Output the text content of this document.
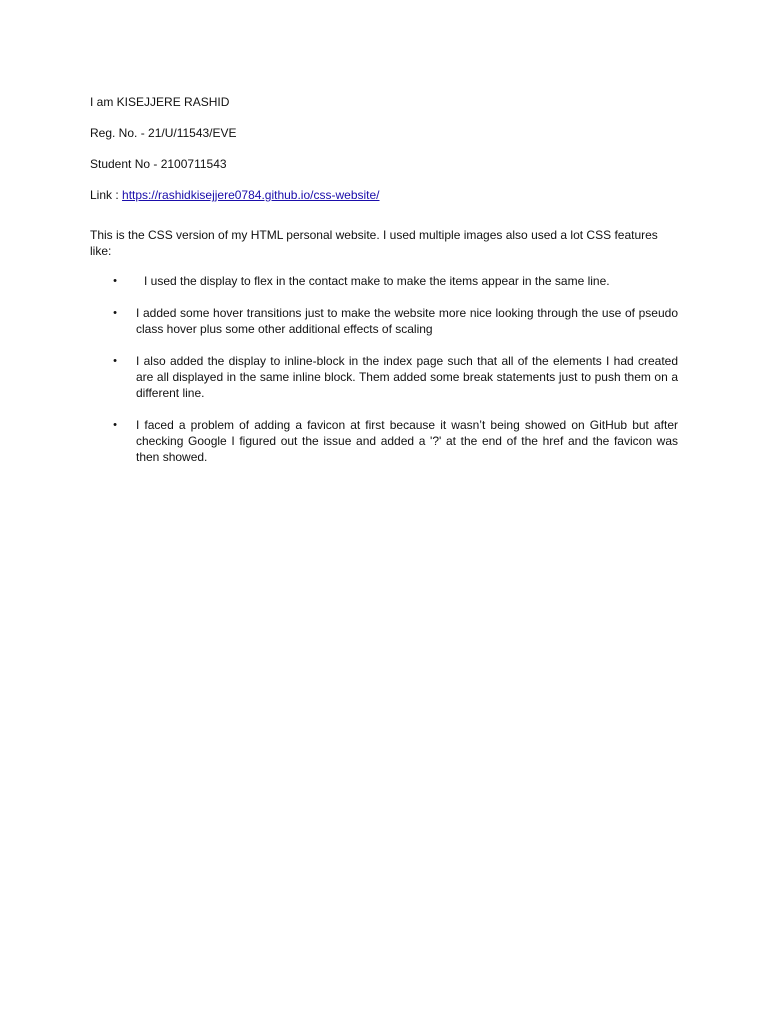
I am KISEJJERE RASHID
Reg. No. - 21/U/11543/EVE
Student No - 2100711543
Link : https://rashidkisejjere0784.github.io/css-website/
This is the CSS version of my HTML personal website. I used multiple images also used a lot CSS features like:
• I used the display to flex in the contact make to make the items appear in the same line.
• I added some hover transitions just to make the website more nice looking through the use of pseudo class hover plus some other additional effects of scaling
• I also added the display to inline-block in the index page such that all of the elements I had created are all displayed in the same inline block. Them added some break statements just to push them on a different line.
• I faced a problem of adding a favicon at first because it wasn’t being showed on GitHub but after checking Google I figured out the issue and added a '?' at the end of the href and the favicon was then showed.
